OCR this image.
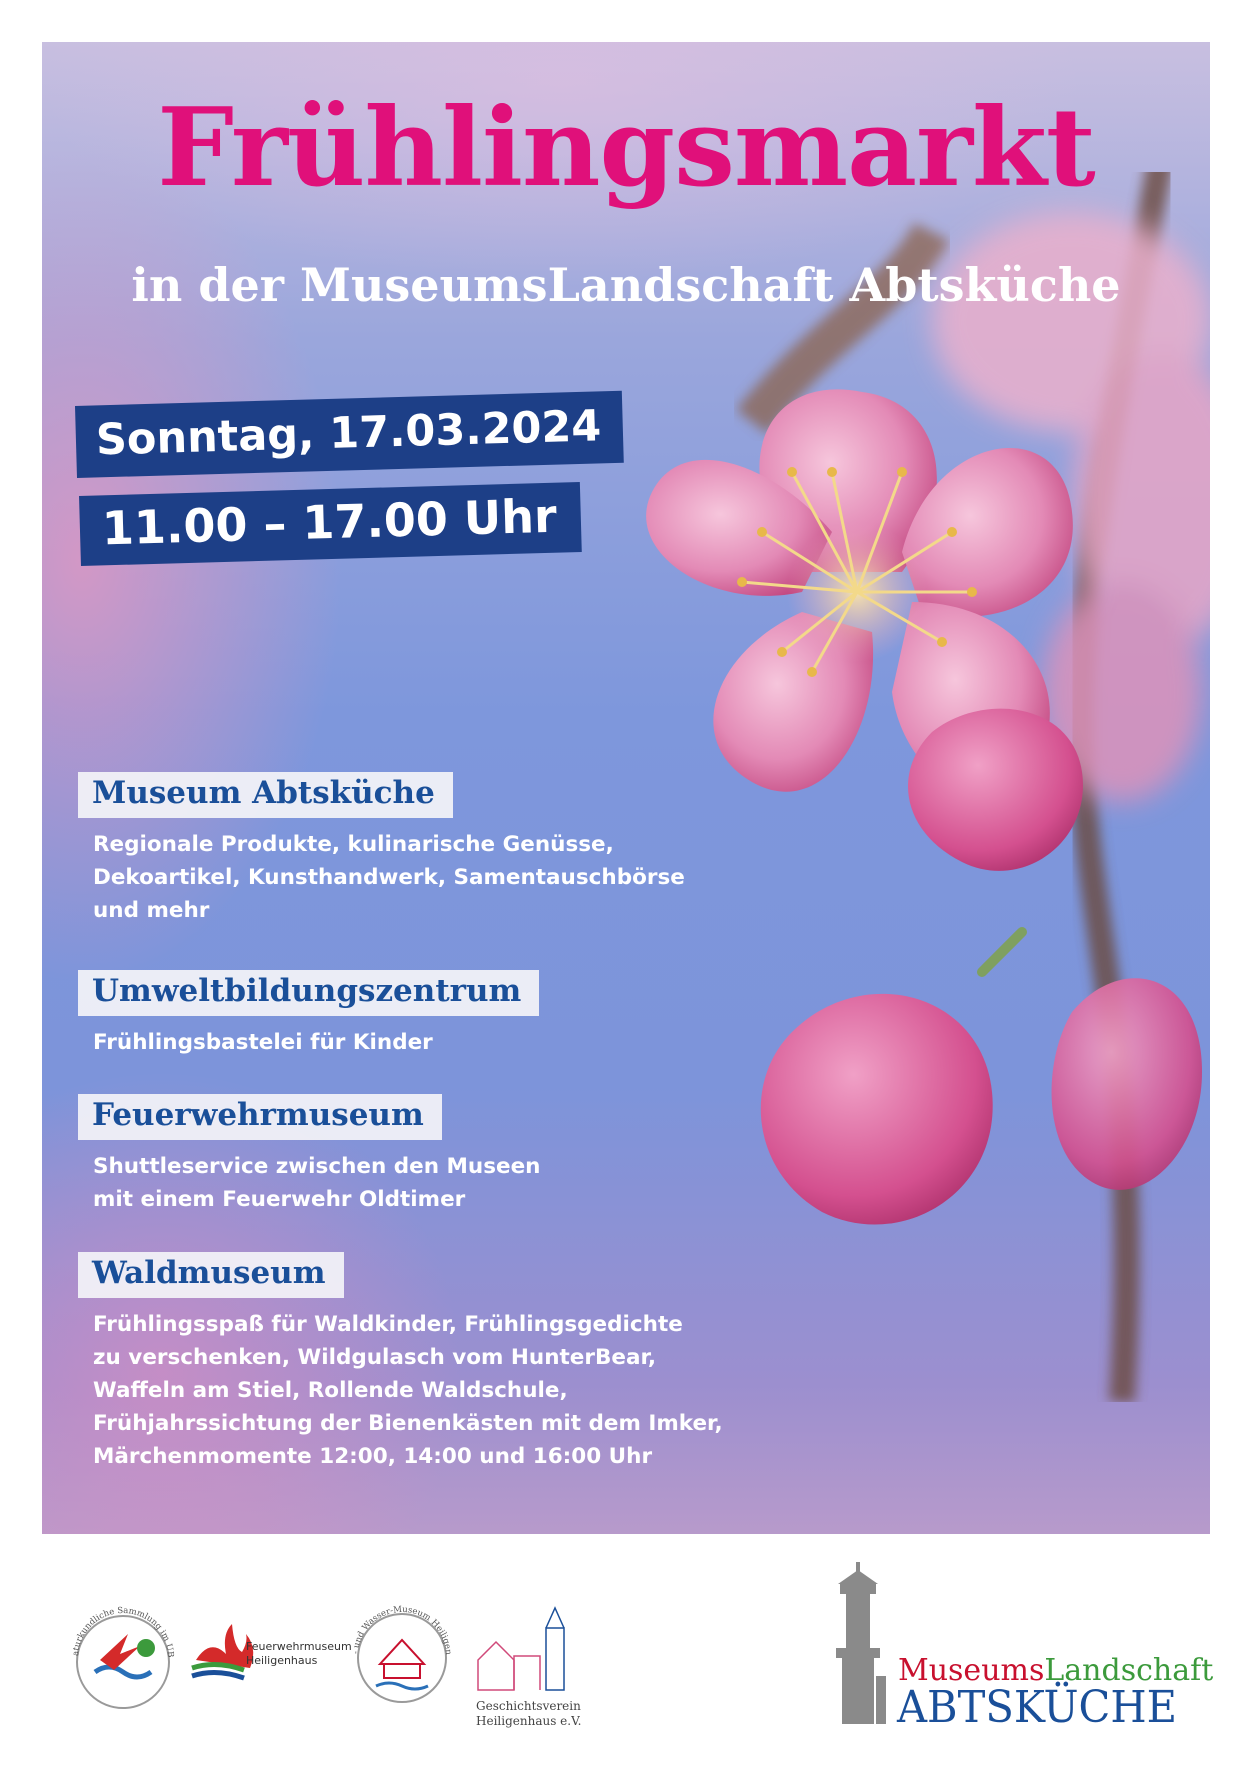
Frühlingsmarkt
in der MuseumsLandschaft Abtsküche
Sonntag, 17.03.2024
11.00 – 17.00 Uhr
Museum Abtsküche
Regionale Produkte, kulinarische Genüsse,
Dekoartikel, Kunsthandwerk, Samentauschbörse
und mehr
Umweltbildungszentrum
Frühlingsbastelei für Kinder
Feuerwehrmuseum
Shuttleservice zwischen den Museen
mit einem Feuerwehr Oldtimer
Waldmuseum
Frühlingsspaß für Waldkinder, Frühlingsgedichte
zu verschenken, Wildgulasch vom HunterBear,
Waffeln am Stiel, Rollende Waldschule,
Frühjahrssichtung der Bienenkästen mit dem Imker,
Märchenmomente 12:00, 14:00 und 16:00 Uhr
aturkundliche Sammlung im UB
Feuerwehrmuseum
Heiligenhaus
- und Wasser-Museum Heiligen
Geschichtsverein
Heiligenhaus e.V.
MuseumsLandschaft
ABTSKÜCHE
